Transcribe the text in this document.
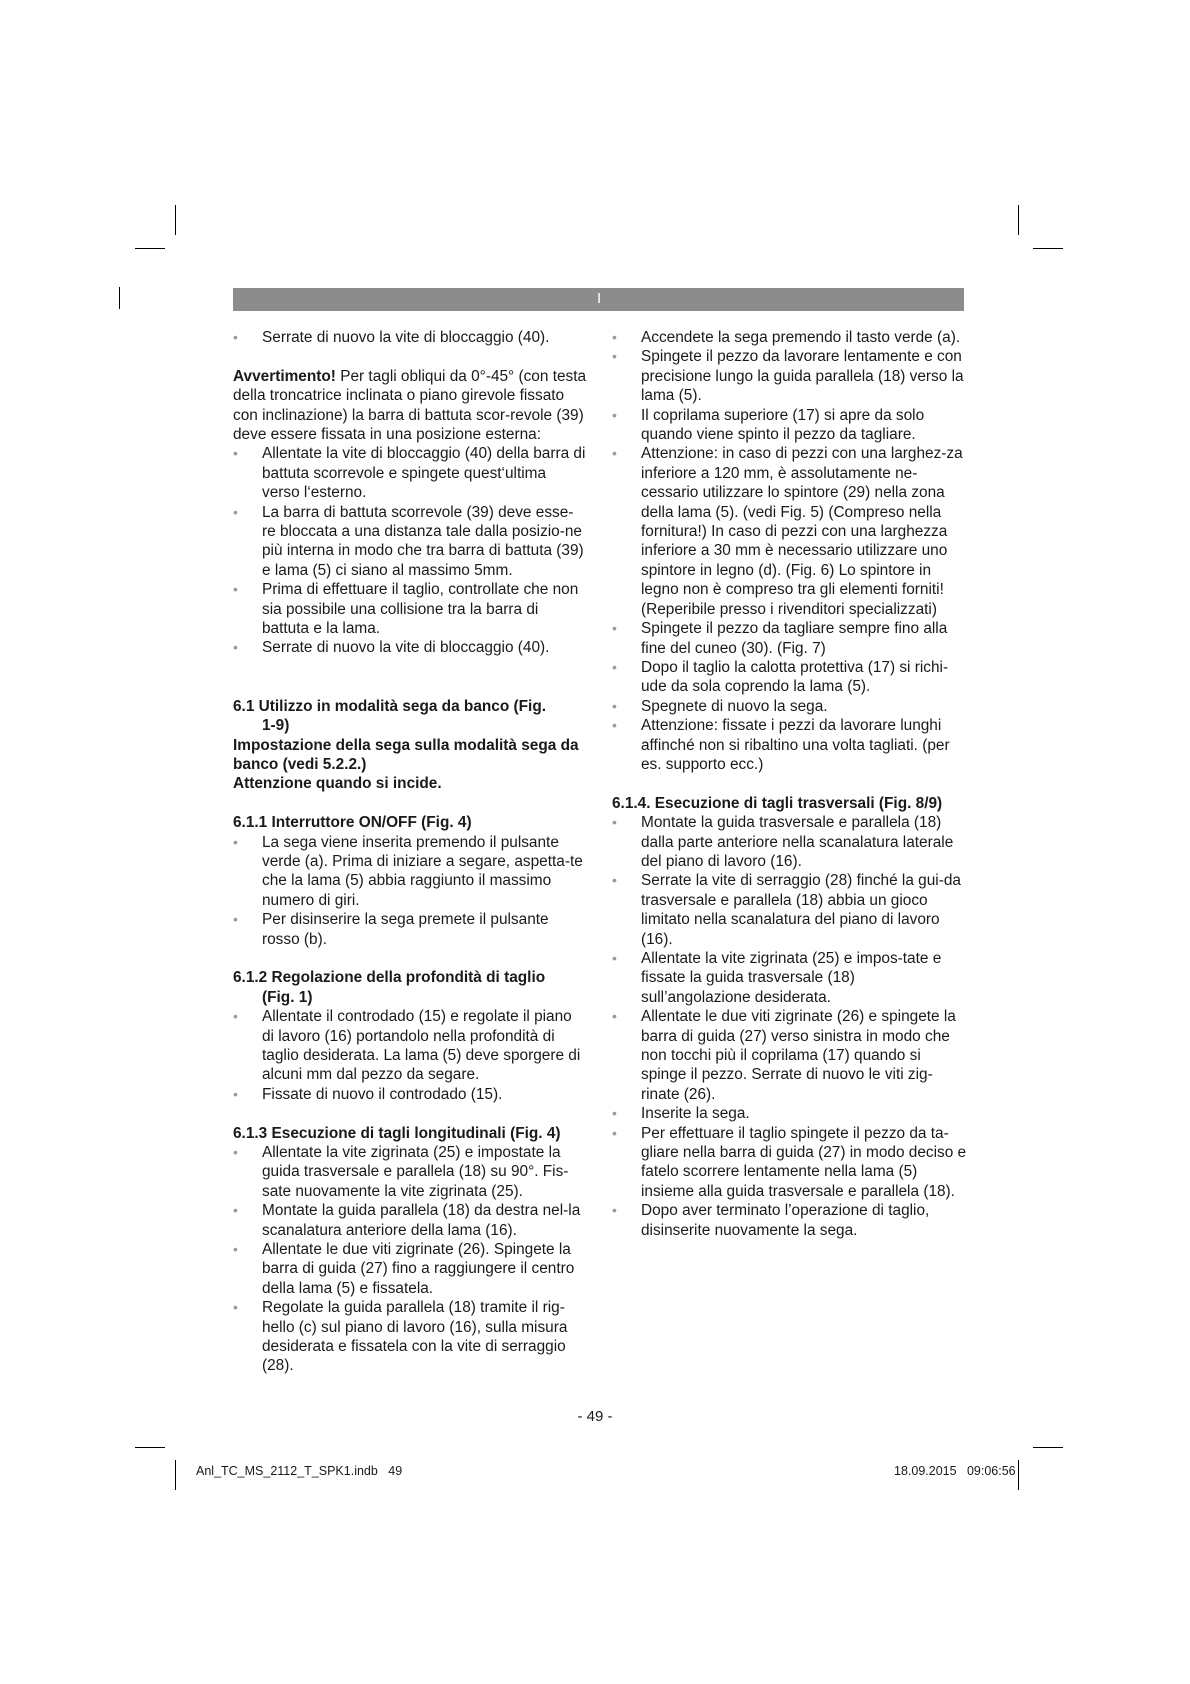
I
• Serrate di nuovo la vite di bloccaggio (40).

Avvertimento! Per tagli obliqui da 0°-45° (con testa della troncatrice inclinata o piano girevole fissato con inclinazione) la barra di battuta scor-revole (39) deve essere fissata in una posizione esterna:

• Allentate la vite di bloccaggio (40) della barra di battuta scorrevole e spingete quest‘ultima verso l‘esterno.
• La barra di battuta scorrevole (39) deve esse-re bloccata a una distanza tale dalla posizio-ne più interna in modo che tra barra di battuta (39) e lama (5) ci siano al massimo 5mm.
• Prima di effettuare il taglio, controllate che non sia possibile una collisione tra la barra di battuta e la lama.
• Serrate di nuovo la vite di bloccaggio (40).
6.1 Utilizzo in modalità sega da banco (Fig.
1-9)
Impostazione della sega sulla modalità sega da banco (vedi 5.2.2.)
Attenzione quando si incide.
6.1.1 Interruttore ON/OFF (Fig. 4)
• La sega viene inserita premendo il pulsante verde (a). Prima di iniziare a segare, aspetta-te che la lama (5) abbia raggiunto il massimo numero di giri.
• Per disinserire la sega premete il pulsante rosso (b).
6.1.2 Regolazione della profondità di taglio
(Fig. 1)
• Allentate il controdado (15) e regolate il piano di lavoro (16) portandolo nella profondità di taglio desiderata. La lama (5) deve sporgere di alcuni mm dal pezzo da segare.
• Fissate di nuovo il controdado (15).
6.1.3 Esecuzione di tagli longitudinali (Fig. 4)
• Allentate la vite zigrinata (25) e impostate la guida trasversale e parallela (18) su 90°. Fis-sate nuovamente la vite zigrinata (25).
• Montate la guida parallela (18) da destra nel-la scanalatura anteriore della lama (16).
• Allentate le due viti zigrinate (26). Spingete la barra di guida (27) fino a raggiungere il centro della lama (5) e fissatela.
• Regolate la guida parallela (18) tramite il rig-hello (c) sul piano di lavoro (16), sulla misura desiderata e fissatela con la vite di serraggio (28).
• Accendete la sega premendo il tasto verde (a).
• Spingete il pezzo da lavorare lentamente e con precisione lungo la guida parallela (18) verso la lama (5).
• Il coprilama superiore (17) si apre da solo quando viene spinto il pezzo da tagliare.
• Attenzione: in caso di pezzi con una larghez-za inferiore a 120 mm, è assolutamente ne-cessario utilizzare lo spintore (29) nella zona della lama (5). (vedi Fig. 5) (Compreso nella fornitura!) In caso di pezzi con una larghezza inferiore a 30 mm è necessario utilizzare uno spintore in legno (d). (Fig. 6) Lo spintore in legno non è compreso tra gli elementi forniti! (Reperibile presso i rivenditori specializzati)
• Spingete il pezzo da tagliare sempre fino alla fine del cuneo (30). (Fig. 7)
• Dopo il taglio la calotta protettiva (17) si richi-ude da sola coprendo la lama (5).
• Spegnete di nuovo la sega.
• Attenzione: fissate i pezzi da lavorare lunghi affinché non si ribaltino una volta tagliati. (per es. supporto ecc.)
6.1.4. Esecuzione di tagli trasversali (Fig. 8/9)
• Montate la guida trasversale e parallela (18) dalla parte anteriore nella scanalatura laterale del piano di lavoro (16).
• Serrate la vite di serraggio (28) finché la gui-da trasversale e parallela (18) abbia un gioco limitato nella scanalatura del piano di lavoro (16).
• Allentate la vite zigrinata (25) e impos-tate e fissate la guida trasversale (18) sull’angolazione desiderata.
• Allentate le due viti zigrinate (26) e spingete la barra di guida (27) verso sinistra in modo che non tocchi più il coprilama (17) quando si spinge il pezzo. Serrate di nuovo le viti zig-rinate (26).
• Inserite la sega.
• Per effettuare il taglio spingete il pezzo da ta-gliare nella barra di guida (27) in modo deciso e fatelo scorrere lentamente nella lama (5) insieme alla guida trasversale e parallela (18).
• Dopo aver terminato l’operazione di taglio, disinserite nuovamente la sega.
- 49 -
Anl_TC_MS_2112_T_SPK1.indb   49	18.09.2015   09:06:56
